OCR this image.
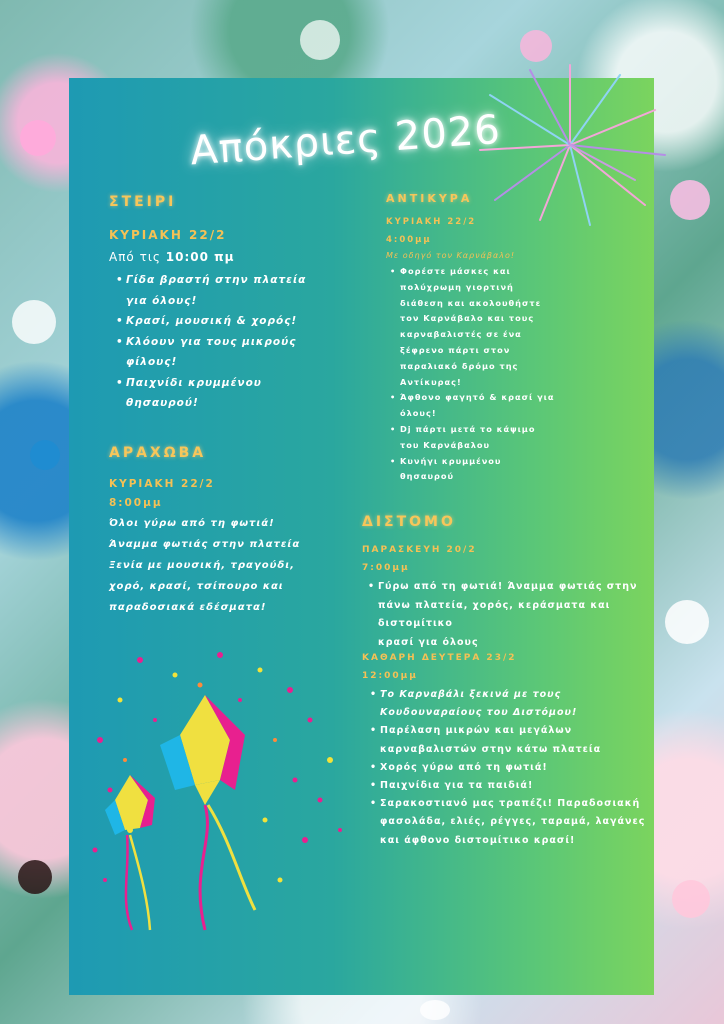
Απόκριες 2026
ΣΤΕΙΡΙ
ΚΥΡΙΑΚΗ 22/2
Από τις 10:00 πμ
• Γίδα βραστή στην πλατεία
για όλους!
• Κρασί, μουσική & χορός!
• Κλόουν για τους μικρούς
φίλους!
• Παιχνίδι κρυμμένου
θησαυρού!
ΑΡΑΧΩΒΑ
ΚΥΡΙΑΚΗ 22/2
8:00μμ
Όλοι γύρω από τη φωτιά!
Άναμμα φωτιάς στην πλατεία
Ξενία με μουσική, τραγούδι,
χορό, κρασί, τσίπουρο και
παραδοσιακά εδέσματα!
ΑΝΤΙΚΥΡΑ
ΚΥΡΙΑΚΗ 22/2
4:00μμ
Με οδηγό τον Καρνάβαλο!
• Φορέστε μάσκες και
πολύχρωμη γιορτινή
διάθεση και ακολουθήστε
τον Καρνάβαλο και τους
καρναβαλιστές σε ένα
ξέφρενο πάρτι στον
παραλιακό δρόμο της
Αντίκυρας!
• Άφθονο φαγητό & κρασί για
όλους!
• Dj πάρτι μετά το κάψιμο
του Καρνάβαλου
• Κυνήγι κρυμμένου
θησαυρού
ΔΙΣΤΟΜΟ
ΠΑΡΑΣΚΕΥΗ 20/2
7:00μμ
• Γύρω από τη φωτιά! Άναμμα φωτιάς στην
πάνω πλατεία, χορός, κεράσματα και
διστομίτικο
κρασί για όλους
ΚΑΘΑΡΗ ΔΕΥΤΕΡΑ 23/2
12:00μμ
• Το Καρναβάλι ξεκινά με τους
Κουδουναραίους του Διστόμου!
• Παρέλαση μικρών και μεγάλων
καρναβαλιστών στην κάτω πλατεία
• Χορός γύρω από τη φωτιά!
• Παιχνίδια για τα παιδιά!
• Σαρακοστιανό μας τραπέζι! Παραδοσιακή
φασολάδα, ελιές, ρέγγες, ταραμά, λαγάνες
και άφθονο διστομίτικο κρασί!
